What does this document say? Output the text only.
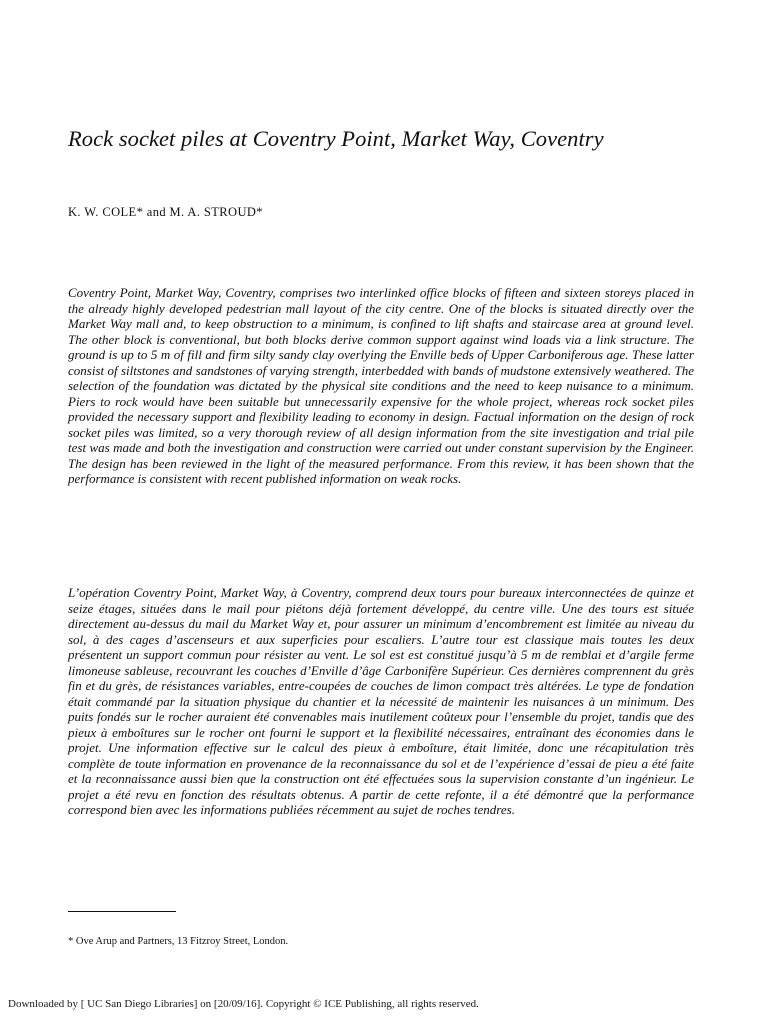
Rock socket piles at Coventry Point, Market Way, Coventry
K. W. COLE* and M. A. STROUD*

Coventry Point, Market Way, Coventry, comprises two interlinked office blocks of fifteen and sixteen storeys placed in the already highly developed pedestrian mall layout of the city centre. One of the blocks is situated directly over the Market Way mall and, to keep obstruction to a minimum, is confined to lift shafts and staircase area at ground level. The other block is conventional, but both blocks derive common support against wind loads via a link structure. The ground is up to 5 m of fill and firm silty sandy clay overlying the Enville beds of Upper Carboniferous age. These latter consist of siltstones and sandstones of varying strength, interbedded with bands of mudstone extensively weathered. The selection of the foundation was dictated by the physical site conditions and the need to keep nuisance to a minimum. Piers to rock would have been suitable but unnecessarily expensive for the whole project, whereas rock socket piles provided the necessary support and flexibility leading to economy in design. Factual information on the design of rock socket piles was limited, so a very thorough review of all design information from the site investigation and trial pile test was made and both the investigation and construction were carried out under constant supervision by the Engineer. The design has been reviewed in the light of the measured performance. From this review, it has been shown that the performance is consistent with recent published information on weak rocks.

L’opération Coventry Point, Market Way, à Coventry, comprend deux tours pour bureaux interconnectées de quinze et seize étages, situées dans le mail pour piétons déjà fortement développé, du centre ville. Une des tours est située directement au-dessus du mail du Market Way et, pour assurer un minimum d’encombrement est limitée au niveau du sol, à des cages d’ascenseurs et aux superficies pour escaliers. L’autre tour est classique mais toutes les deux présentent un support commun pour résister au vent. Le sol est est constitué jusqu’à 5 m de remblai et d’argile ferme limoneuse sableuse, recouvrant les couches d’Enville d’âge Carbonifère Supérieur. Ces dernières comprennent du grès fin et du grès, de résistances variables, entre-coupées de couches de limon compact très altérées. Le type de fondation était commandé par la situation physique du chantier et la nécessité de maintenir les nuisances à un minimum. Des puits fondés sur le rocher auraient été convenables mais inutilement coûteux pour l’ensemble du projet, tandis que des pieux à emboîtures sur le rocher ont fourni le support et la flexibilité nécessaires, entraînant des économies dans le projet. Une information effective sur le calcul des pieux à emboîture, était limitée, donc une récapitulation très complète de toute information en provenance de la reconnaissance du sol et de l’expérience d’essai de pieu a été faite et la reconnaissance aussi bien que la construction ont été effectuées sous la supervision constante d’un ingénieur. Le projet a été revu en fonction des résultats obtenus. A partir de cette refonte, il a été démontré que la performance correspond bien avec les informations publiées récemment au sujet de roches tendres.

* Ove Arup and Partners, 13 Fitzroy Street, London.
Downloaded by [ UC San Diego Libraries] on [20/09/16]. Copyright © ICE Publishing, all rights reserved.
